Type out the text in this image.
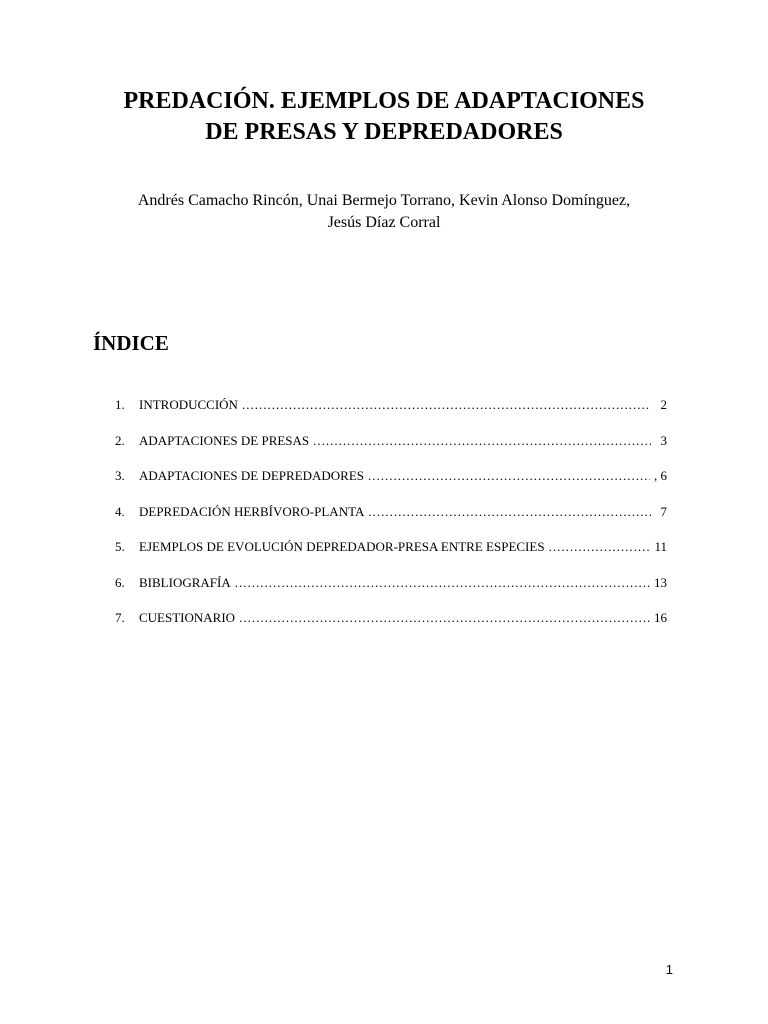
PREDACIÓN. EJEMPLOS DE ADAPTACIONES
DE PRESAS Y DEPREDADORES
Andrés Camacho Rincón, Unai Bermejo Torrano, Kevin Alonso Domínguez,
Jesús Díaz Corral
ÍNDICE
1.	INTRODUCCIÓN .....	2
2.	ADAPTACIONES DE PRESAS .....	3
3.	ADAPTACIONES DE DEPREDADORES .....	, 6
4.	DEPREDACIÓN HERBÍVORO-PLANTA .....	7
5.	EJEMPLOS DE EVOLUCIÓN DEPREDADOR-PRESA ENTRE ESPECIES .....	11
6.	BIBLIOGRAFÍA .....	13
7.	CUESTIONARIO .....	16
1
